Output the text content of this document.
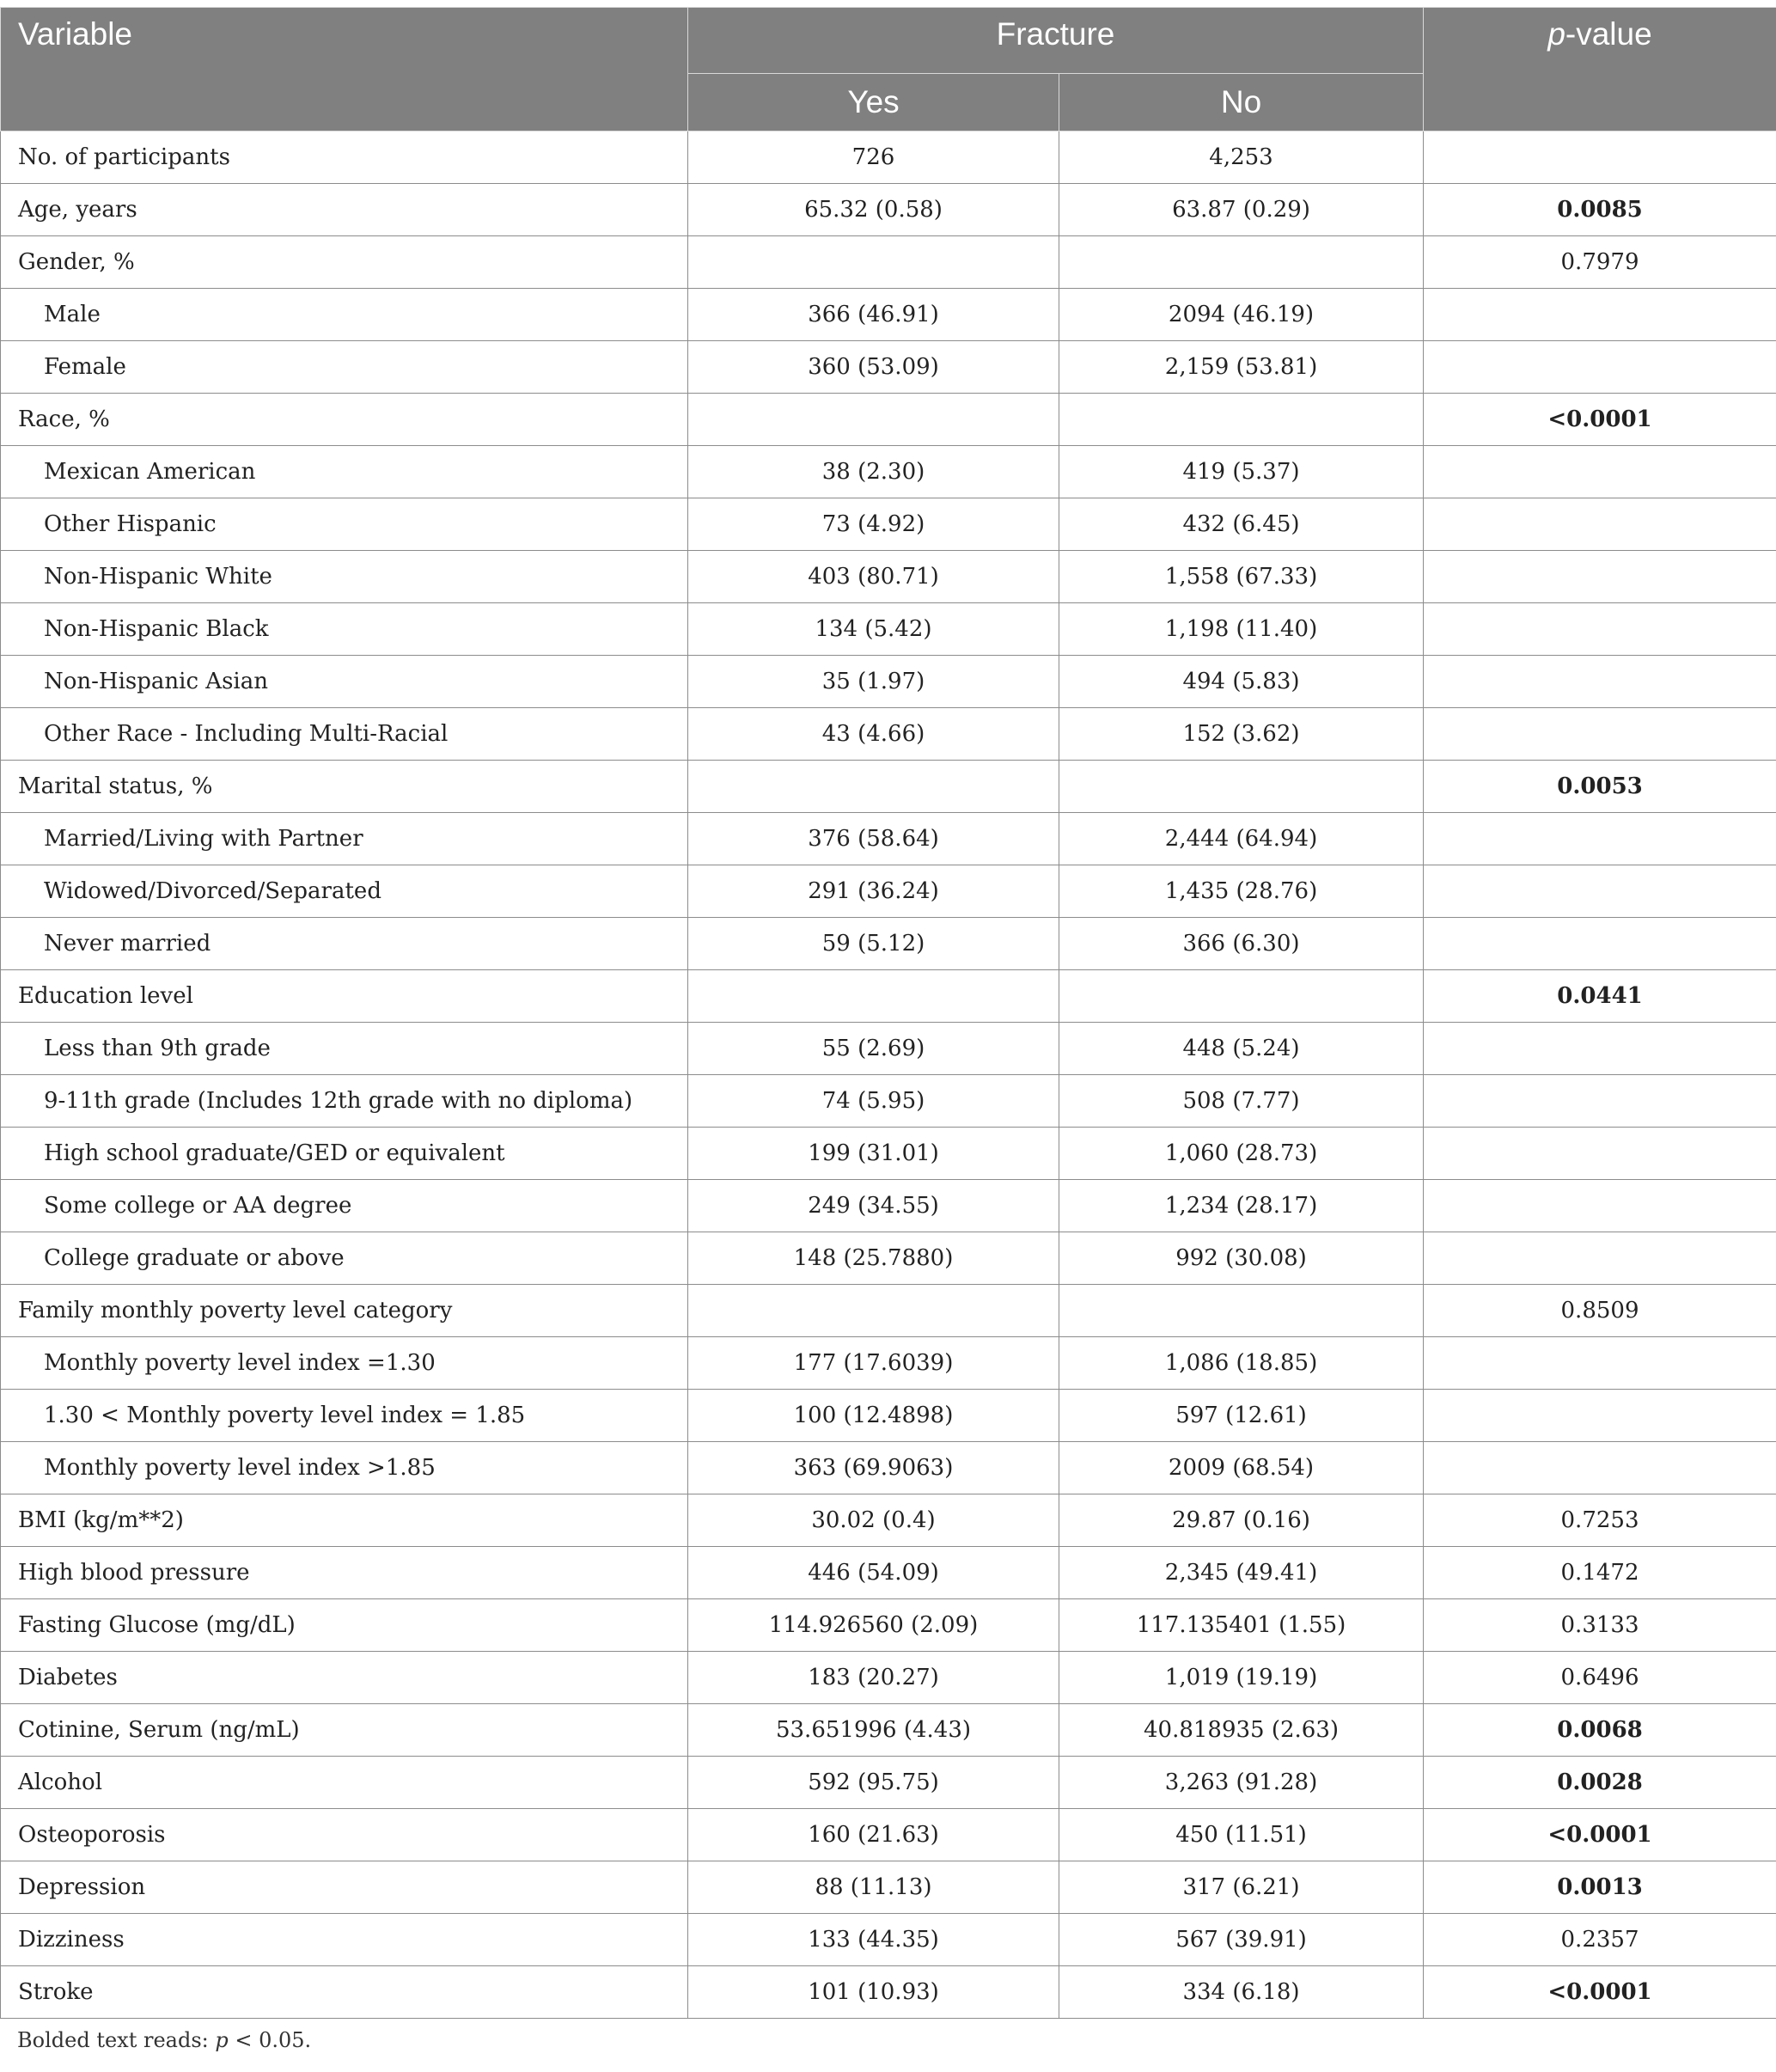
Variable	Fracture		p-value
	Yes	No	
No. of participants	726	4,253	
Age, years	65.32 (0.58)	63.87 (0.29)	0.0085
Gender, %			0.7979
Male	366 (46.91)	2094 (46.19)	
Female	360 (53.09)	2,159 (53.81)	
Race, %			<0.0001
Mexican American	38 (2.30)	419 (5.37)	
Other Hispanic	73 (4.92)	432 (6.45)	
Non-Hispanic White	403 (80.71)	1,558 (67.33)	
Non-Hispanic Black	134 (5.42)	1,198 (11.40)	
Non-Hispanic Asian	35 (1.97)	494 (5.83)	
Other Race - Including Multi-Racial	43 (4.66)	152 (3.62)	
Marital status, %			0.0053
Married/Living with Partner	376 (58.64)	2,444 (64.94)	
Widowed/Divorced/Separated	291 (36.24)	1,435 (28.76)	
Never married	59 (5.12)	366 (6.30)	
Education level			0.0441
Less than 9th grade	55 (2.69)	448 (5.24)	
9-11th grade (Includes 12th grade with no diploma)	74 (5.95)	508 (7.77)	
High school graduate/GED or equivalent	199 (31.01)	1,060 (28.73)	
Some college or AA degree	249 (34.55)	1,234 (28.17)	
College graduate or above	148 (25.7880)	992 (30.08)	
Family monthly poverty level category			0.8509
Monthly poverty level index =1.30	177 (17.6039)	1,086 (18.85)	
1.30 < Monthly poverty level index = 1.85	100 (12.4898)	597 (12.61)	
Monthly poverty level index >1.85	363 (69.9063)	2009 (68.54)	
BMI (kg/m**2)	30.02 (0.4)	29.87 (0.16)	0.7253
High blood pressure	446 (54.09)	2,345 (49.41)	0.1472
Fasting Glucose (mg/dL)	114.926560 (2.09)	117.135401 (1.55)	0.3133
Diabetes	183 (20.27)	1,019 (19.19)	0.6496
Cotinine, Serum (ng/mL)	53.651996 (4.43)	40.818935 (2.63)	0.0068
Alcohol	592 (95.75)	3,263 (91.28)	0.0028
Osteoporosis	160 (21.63)	450 (11.51)	<0.0001
Depression	88 (11.13)	317 (6.21)	0.0013
Dizziness	133 (44.35)	567 (39.91)	0.2357
Stroke	101 (10.93)	334 (6.18)	<0.0001
Bolded text reads: p < 0.05.
